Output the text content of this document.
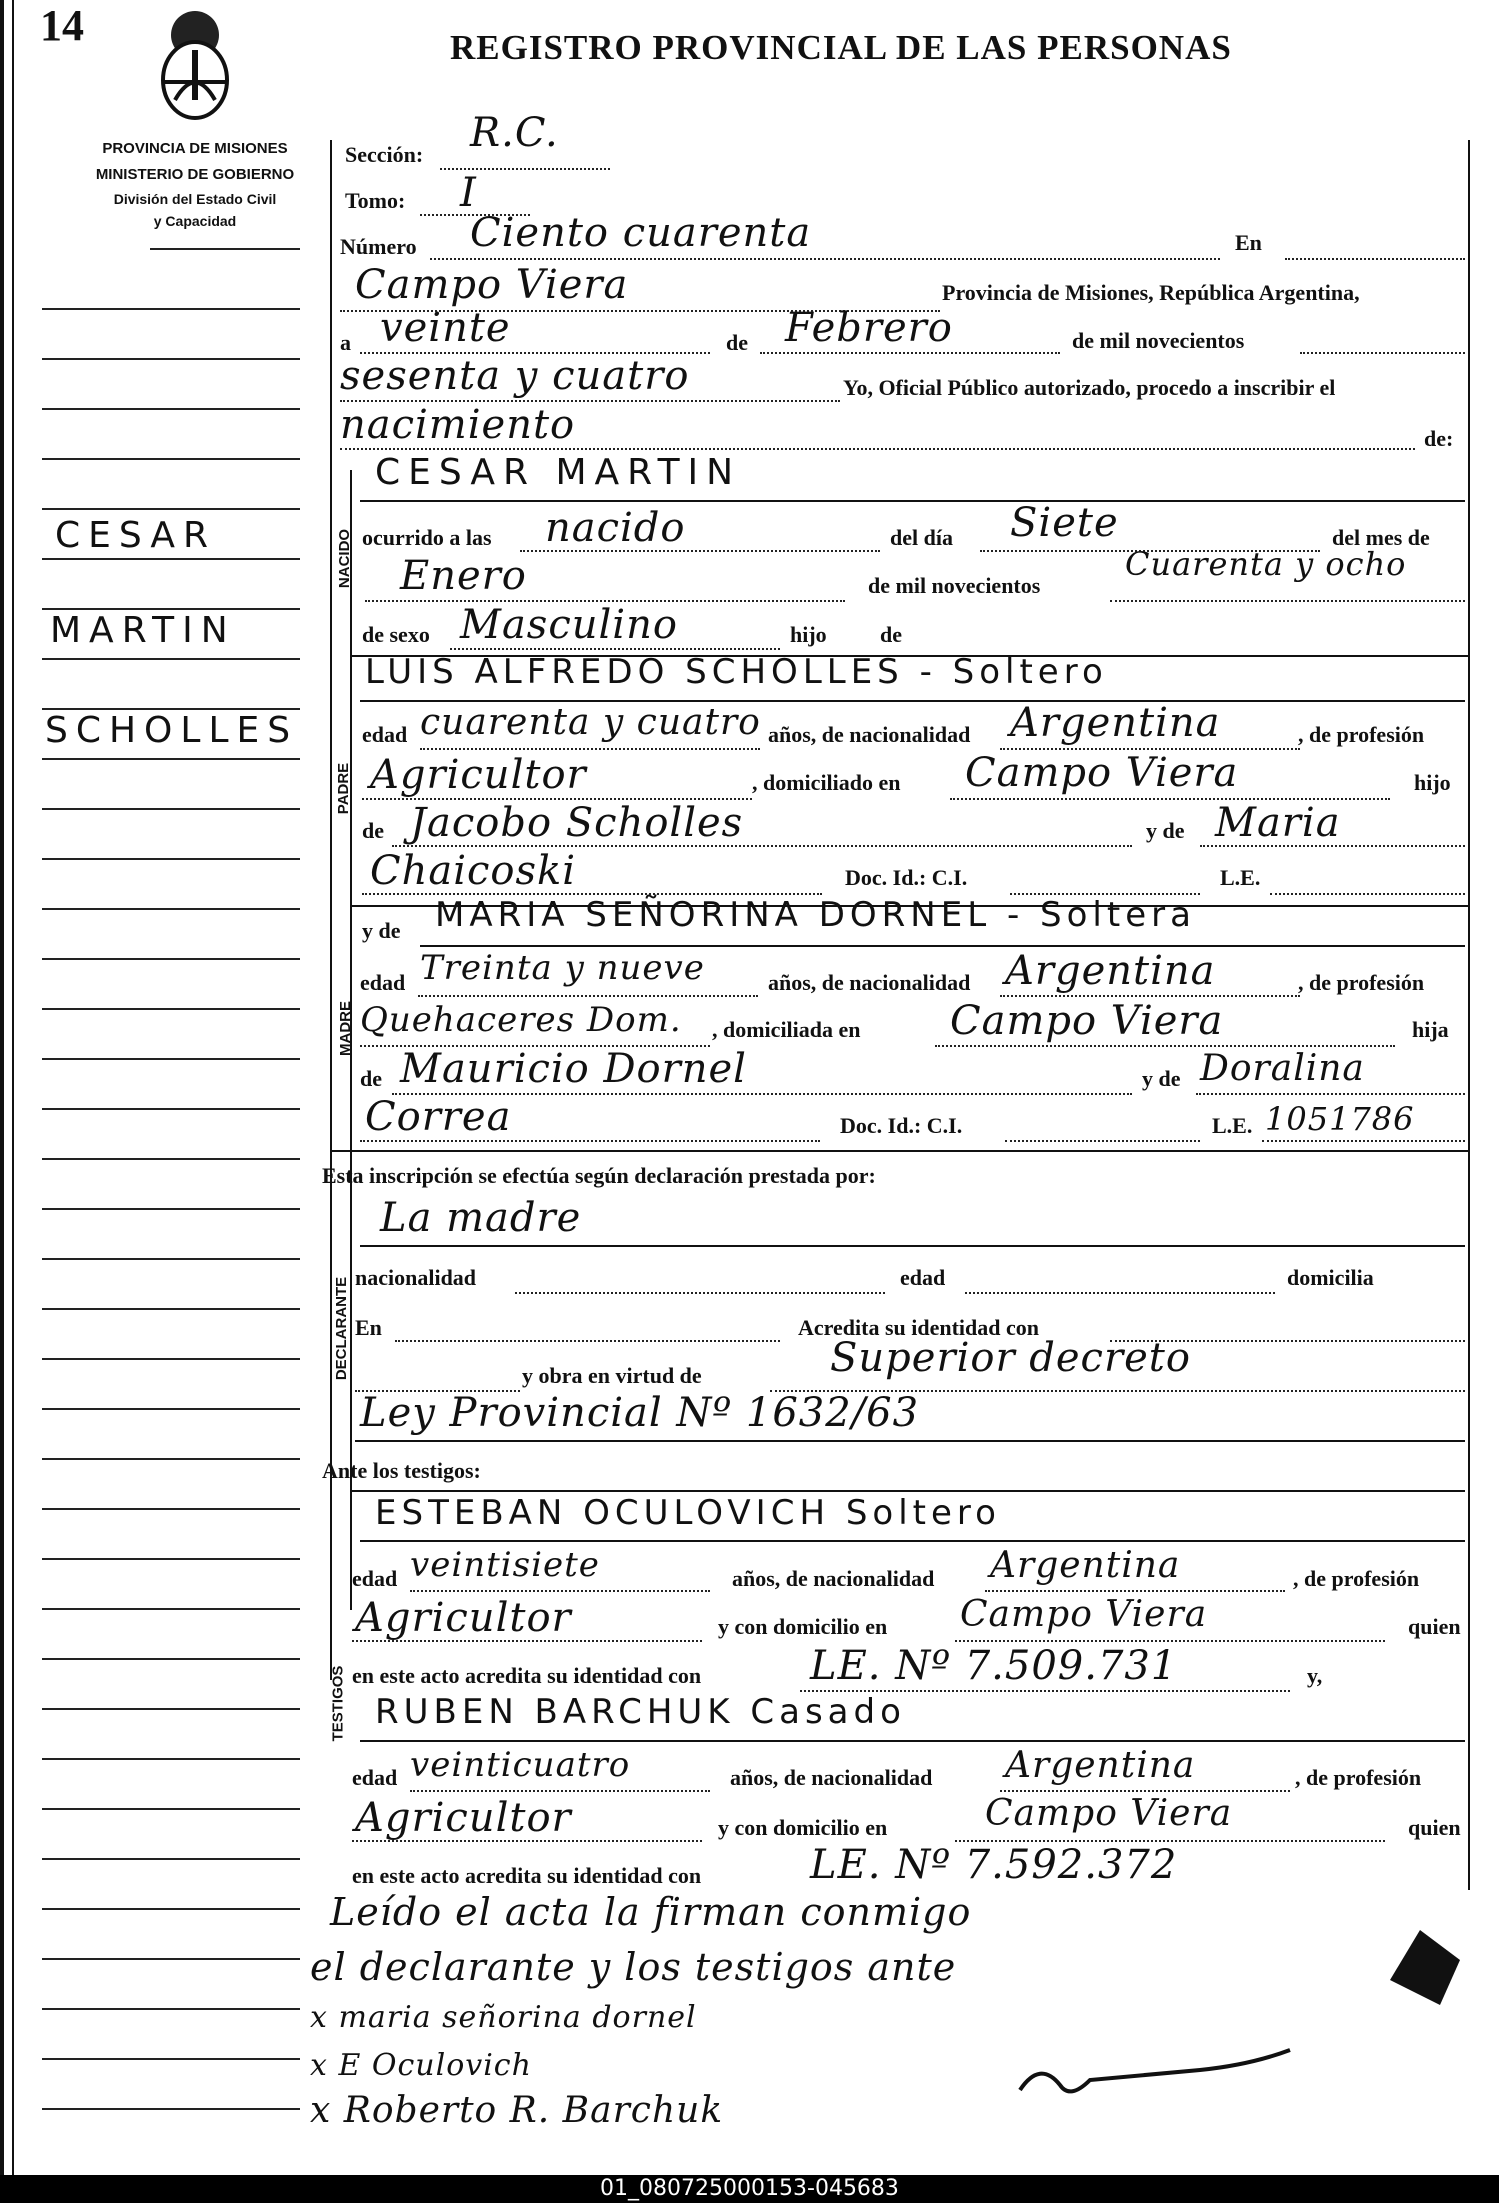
14	REGISTRO PROVINCIAL DE LAS PERSONAS
PROVINCIA DE MISIONES
MINISTERIO DE GOBIERNO
División del Estado Civil
y Capacidad
CESAR
MARTIN
SCHOLLES
NACIDO
PADRE
MADRE
DECLARANTE
TESTIGOS
Sección: R.C.
Tomo: I
Número Ciento cuarenta	En
Campo Viera	Provincia de Misiones, República Argentina,
a veinte	de Febrero	de mil novecientos
sesenta y cuatro	Yo, Oficial Público autorizado, procedo a inscribir el
nacimiento	de:
CESAR MARTIN
ocurrido a las nacido	del día Siete	del mes de
Enero	de mil novecientos
Cuarenta y ocho
de sexo Masculino	hijo de
LUIS ALFREDO SCHOLLES - Soltero
edad cuarenta y cuatro años, de nacionalidad Argentina	, de profesión
Agricultor	, domiciliado en Campo Viera	hijo
de Jacobo Scholles	y de Maria
Chaicoski	Doc. Id.: C.I.	L.E.
y de MARIA SEÑORINA DORNEL - Soltera
edad Treinta y nueve	años, de nacionalidad Argentina	, de profesión
Quehaceres Dom. , domiciliada en Campo Viera	hija
de Mauricio Dornel	y de Doralina
Correa	Doc. Id.: C.I.	L.E. 1051786
Esta inscripción se efectúa según declaración prestada por:
La madre
nacionalidad	edad	domicilia
En	Acredita su identidad con
y obra en virtud de	Superior decreto
Ley Provincial Nº 1632/63
Ante los testigos:
ESTEBAN OCULOVICH Soltero
edad veintisiete	años, de nacionalidad Argentina	, de profesión
Agricultor	y con domicilio en Campo Viera	quien
en este acto acredita su identidad con	LE. Nº 7.509.731	y,
RUBEN BARCHUK Casado
edad veinticuatro	años, de nacionalidad Argentina	, de profesión
Agricultor	y con domicilio en	Campo Viera	quien
en este acto acredita su identidad con	LE. Nº 7.592.372
Leído el acta la firman conmigo
el declarante y los testigos ante
x maria señorina dornel
x E Oculovich
x Roberto R. Barchuk
01_080725000153-045683
